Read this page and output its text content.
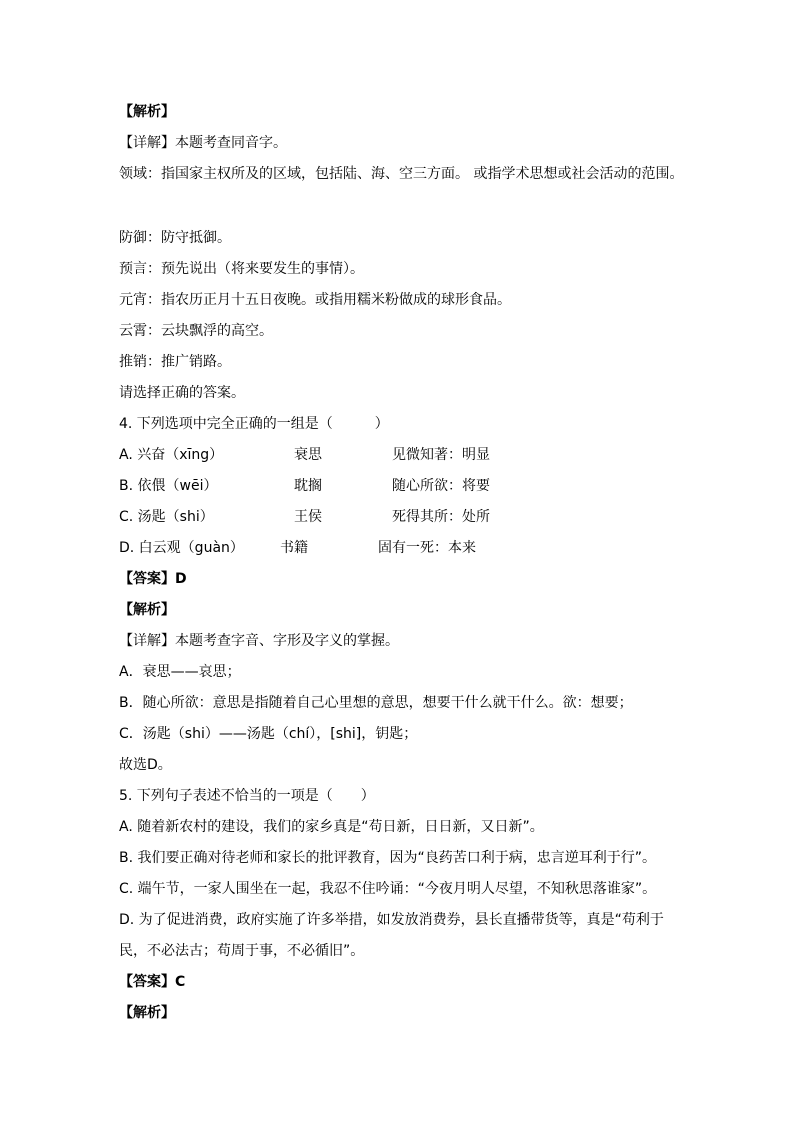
【解析】
【详解】本题考查同音字。
领域：指国家主权所及的区域，包括陆、海、空三方面。 或指学术思想或社会活动的范围。
防御：防守抵御。
预言：预先说出（将来要发生的事情）。
元宵：指农历正月十五日夜晚。或指用糯米粉做成的球形食品。
云霄：云块飘浮的高空。
推销：推广销路。
请选择正确的答案。
4. 下列选项中完全正确的一组是（　　　）
A. 兴奋（xīng）	衰思	见微知著：明显
B. 依偎（wēi）	耽搁	随心所欲：将要
C. 汤匙（shi）	王侯	死得其所：处所
D. 白云观（guàn）	书籍	固有一死：本来
【答案】D
【解析】
【详解】本题考查字音、字形及字义的掌握。
A．衰思——哀思；
B．随心所欲：意思是指随着自己心里想的意思，想要干什么就干什么。欲：想要；
C．汤匙（shi）——汤匙（chí），[shi]，钥匙；
故选D。
5. 下列句子表述不恰当的一项是（　　）
A. 随着新农村的建设，我们的家乡真是“苟日新，日日新，又日新”。
B. 我们要正确对待老师和家长的批评教育，因为“良药苦口利于病，忠言逆耳利于行”。
C. 端午节，一家人围坐在一起，我忍不住吟诵：“今夜月明人尽望，不知秋思落谁家”。
D. 为了促进消费，政府实施了许多举措，如发放消费券，县长直播带货等，真是“苟利于
民，不必法古；苟周于事，不必循旧”。
【答案】C
【解析】
